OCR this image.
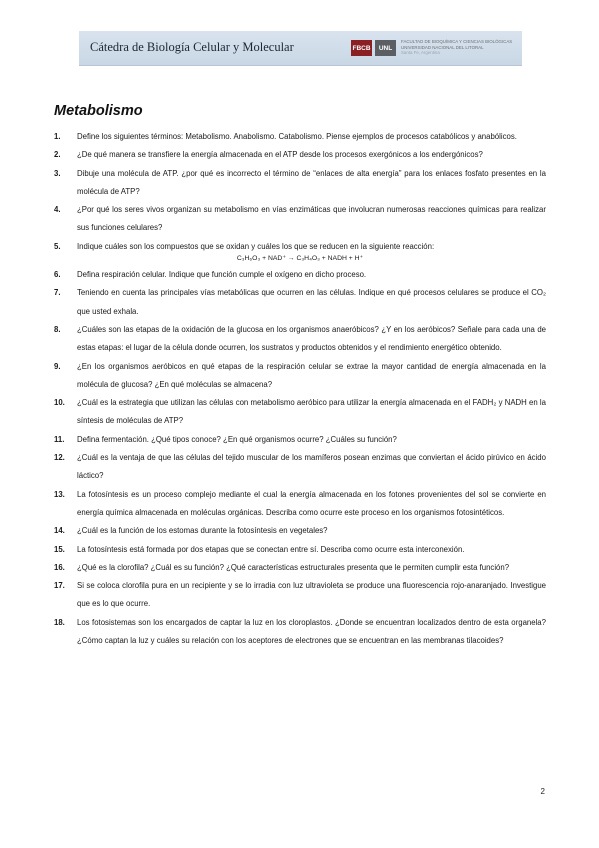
Cátedra de Biología Celular y Molecular	FBCB	UNL
FACULTAD DE BIOQUÍMICA Y CIENCIAS BIOLÓGICAS
UNIVERSIDAD NACIONAL DEL LITORAL
Santa Fe, Argentina
Metabolismo
1. Define los siguientes términos: Metabolismo. Anabolismo. Catabolismo. Piense ejemplos de procesos catabólicos y anabólicos.
2. ¿De qué manera se transfiere la energía almacenada en el ATP desde los procesos exergónicos a los endergónicos?
3. Dibuje una molécula de ATP. ¿por qué es incorrecto el término de “enlaces de alta energía” para los enlaces fosfato presentes en la molécula de ATP?
4. ¿Por qué los seres vivos organizan su metabolismo en vías enzimáticas que involucran numerosas reacciones químicas para realizar sus funciones celulares?
5. Indique cuáles son los compuestos que se oxidan y cuáles los que se reducen en la siguiente reacción:
C₃H₆O₃ + NAD⁺ → C₃H₄O₃ + NADH + H⁺
6. Defina respiración celular. Indique que función cumple el oxígeno en dicho proceso.
7. Teniendo en cuenta las principales vías metabólicas que ocurren en las células. Indique en qué procesos celulares se produce el CO₂ que usted exhala.
8. ¿Cuáles son las etapas de la oxidación de la glucosa en los organismos anaeróbicos? ¿Y en los aeróbicos? Señale para cada una de estas etapas: el lugar de la célula donde ocurren, los sustratos y productos obtenidos y el rendimiento energético obtenido.
9. ¿En los organismos aeróbicos en qué etapas de la respiración celular se extrae la mayor cantidad de energía almacenada en la molécula de glucosa? ¿En qué moléculas se almacena?
10. ¿Cuál es la estrategia que utilizan las células con metabolismo aeróbico para utilizar la energía almacenada en el FADH₂ y NADH en la síntesis de moléculas de ATP?
11. Defina fermentación. ¿Qué tipos conoce? ¿En qué organismos ocurre? ¿Cuáles su función?
12. ¿Cuál es la ventaja de que las células del tejido muscular de los mamíferos posean enzimas que conviertan el ácido pirúvico en ácido láctico?
13. La fotosíntesis es un proceso complejo mediante el cual la energía almacenada en los fotones provenientes del sol se convierte en energía química almacenada en moléculas orgánicas. Describa como ocurre este proceso en los organismos fotosintéticos.
14. ¿Cuál es la función de los estomas durante la fotosíntesis en vegetales?
15. La fotosíntesis está formada por dos etapas que se conectan entre sí. Describa como ocurre esta interconexión.
16. ¿Qué es la clorofila? ¿Cuál es su función? ¿Qué características estructurales presenta que le permiten cumplir esta función?
17. Si se coloca clorofila pura en un recipiente y se lo irradia con luz ultravioleta se produce una fluorescencia rojo-anaranjado. Investigue que es lo que ocurre.
18. Los fotosistemas son los encargados de captar la luz en los cloroplastos. ¿Donde se encuentran localizados dentro de esta organela? ¿Cómo captan la luz y cuáles su relación con los aceptores de electrones que se encuentran en las membranas tilacoides?
2
